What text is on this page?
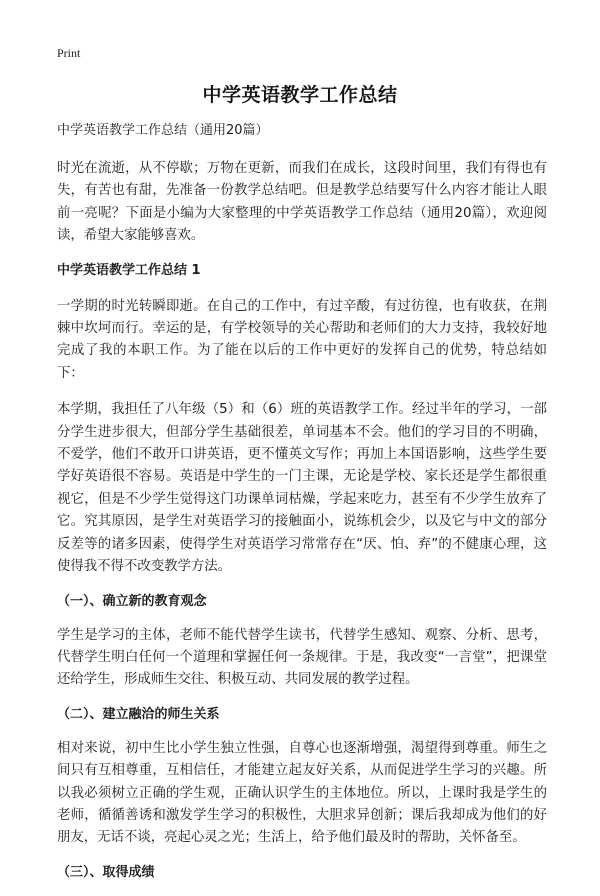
Print
中学英语教学工作总结
中学英语教学工作总结（通用20篇）

时光在流逝，从不停歇；万物在更新，而我们在成长，这段时间里，我们有得也有失，有苦也有甜，先准备一份教学总结吧。但是教学总结要写什么内容才能让人眼前一亮呢？下面是小编为大家整理的中学英语教学工作总结（通用20篇），欢迎阅读，希望大家能够喜欢。

中学英语教学工作总结 1

一学期的时光转瞬即逝。在自己的工作中，有过辛酸，有过彷徨，也有收获，在荆棘中坎坷而行。幸运的是，有学校领导的关心帮助和老师们的大力支持，我较好地完成了我的本职工作。为了能在以后的工作中更好的发挥自己的优势，特总结如下：

本学期，我担任了八年级（5）和（6）班的英语教学工作。经过半年的学习，一部分学生进步很大，但部分学生基础很差，单词基本不会。他们的学习目的不明确，不爱学，他们不敢开口讲英语，更不懂英文写作；再加上本国语影响，这些学生要学好英语很不容易。英语是中学生的一门主课，无论是学校、家长还是学生都很重视它，但是不少学生觉得这门功课单词枯燥，学起来吃力，甚至有不少学生放弃了它。究其原因，是学生对英语学习的接触面小，说练机会少，以及它与中文的部分反差等的诸多因素，使得学生对英语学习常常存在“厌、怕、弃”的不健康心理，这使得我不得不改变教学方法。

（一）、确立新的教育观念

学生是学习的主体，老师不能代替学生读书，代替学生感知、观察、分析、思考，代替学生明白任何一个道理和掌握任何一条规律。于是，我改变“一言堂”，把课堂还给学生，形成师生交往、积极互动、共同发展的教学过程。

（二）、建立融洽的师生关系

相对来说，初中生比小学生独立性强，自尊心也逐渐增强，渴望得到尊重。师生之间只有互相尊重，互相信任，才能建立起友好关系，从而促进学生学习的兴趣。所以我必须树立正确的学生观，正确认识学生的主体地位。所以，上课时我是学生的老师，循循善诱和激发学生学习的积极性，大胆求异创新；课后我却成为他们的好朋友，无话不谈，亮起心灵之光；生活上，给予他们最及时的帮助，关怀备至。

（三）、取得成绩
